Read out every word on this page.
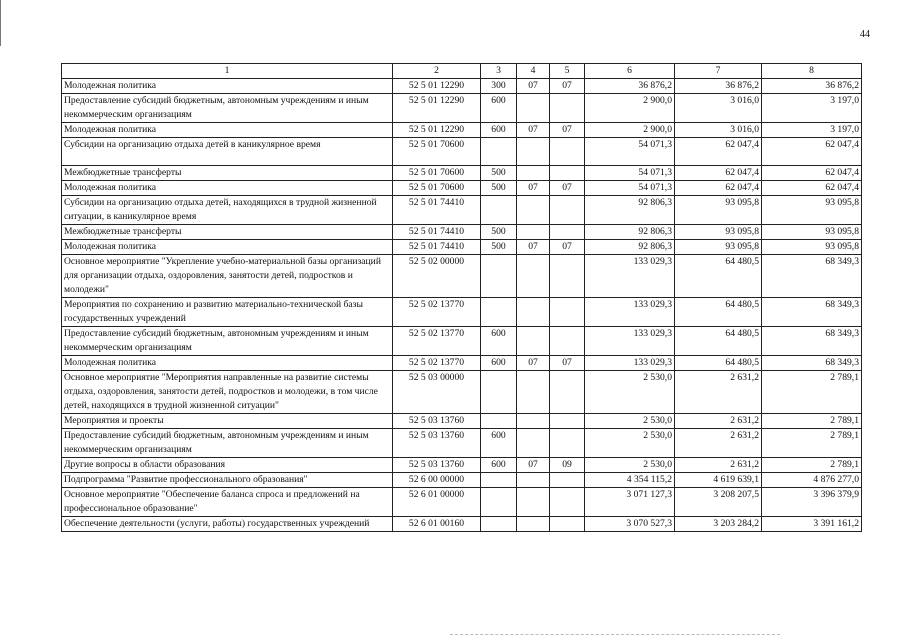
44
1	2	3	4	5	6	7	8
Молодежная политика	52 5 01 12290	300	07	07	36 876,2	36 876,2	36 876,2
Предоставление субсидий бюджетным, автономным учреждениям и иным некоммерческим организациям	52 5 01 12290	600			2 900,0	3 016,0	3 197,0
Молодежная политика	52 5 01 12290	600	07	07	2 900,0	3 016,0	3 197,0
Субсидии на организацию отдыха детей в каникулярное время	52 5 01 70600				54 071,3	62 047,4	62 047,4
Межбюджетные трансферты	52 5 01 70600	500			54 071,3	62 047,4	62 047,4
Молодежная политика	52 5 01 70600	500	07	07	54 071,3	62 047,4	62 047,4
Субсидии на организацию отдыха детей, находящихся в трудной жизненной ситуации, в каникулярное время	52 5 01 74410				92 806,3	93 095,8	93 095,8
Межбюджетные трансферты	52 5 01 74410	500			92 806,3	93 095,8	93 095,8
Молодежная политика	52 5 01 74410	500	07	07	92 806,3	93 095,8	93 095,8
Основное мероприятие "Укрепление учебно-материальной базы организаций для организации отдыха, оздоровления, занятости детей, подростков и молодежи"	52 5 02 00000				133 029,3	64 480,5	68 349,3
Мероприятия по сохранению и развитию материально-технической базы государственных учреждений	52 5 02 13770				133 029,3	64 480,5	68 349,3
Предоставление субсидий бюджетным, автономным учреждениям и иным некоммерческим организациям	52 5 02 13770	600			133 029,3	64 480,5	68 349,3
Молодежная политика	52 5 02 13770	600	07	07	133 029,3	64 480,5	68 349,3
Основное мероприятие "Мероприятия направленные на развитие системы отдыха, оздоровления, занятости детей, подростков и молодежи, в том числе детей, находящихся в трудной жизненной ситуации"	52 5 03 00000				2 530,0	2 631,2	2 789,1
Мероприятия и проекты	52 5 03 13760				2 530,0	2 631,2	2 789,1
Предоставление субсидий бюджетным, автономным учреждениям и иным некоммерческим организациям	52 5 03 13760	600			2 530,0	2 631,2	2 789,1
Другие вопросы в области образования	52 5 03 13760	600	07	09	2 530,0	2 631,2	2 789,1
Подпрограмма "Развитие профессионального образования"	52 6 00 00000				4 354 115,2	4 619 639,1	4 876 277,0
Основное мероприятие "Обеспечение баланса спроса и предложений на профессиональное образование"	52 6 01 00000				3 071 127,3	3 208 207,5	3 396 379,9
Обеспечение деятельности (услуги, работы) государственных учреждений	52 6 01 00160				3 070 527,3	3 203 284,2	3 391 161,2
